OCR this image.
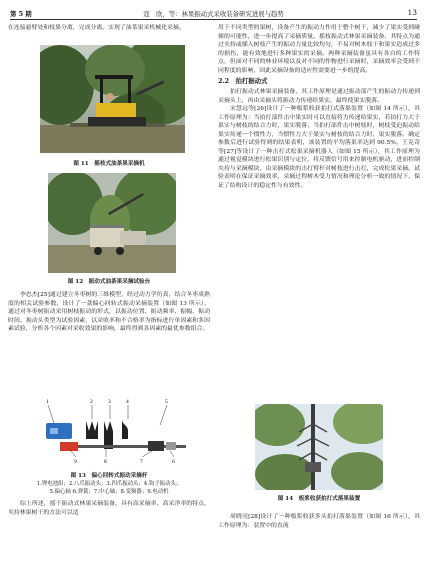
第 5 期	寇　欣，等：林果振动式采收装备研究进展与趋势	13

在连接悬臂处和枝果分离，完成分离，实现了油茶果采机械化采摘。

图 11　摇枝式油茶果采摘机
图 12　振动式油茶果采摘试验台

李忠杰[25]通过建立冬枣树的三维模型，经过动力学仿真，结合冬枣成熟度的相关试验参数，设计了一款偏心回转式振动采摘装置（如图 13 所示），通过对冬枣树振动采用树枝振动的形式，以振动位置、振动频率、振幅、振动时间、振动头类型为试验因素，以采收率和不合格率为指标进行单因素和多因素试验，分析各个因素对采收效果的影响，最终得到各因素的最优参数组合。

1	2	3	4	5
9	8	7	6
图 13　偏心回转式振动采摘杆
1.锂电池组；2.八爪振动头；3.四爪振动头；4.钩子振动头；
5.偏心轴 6.弹簧；7.中心轴；8.变频器；9.电动机

综上所述，摇干振动式林果采摘装备，具有高采摘率、高采净率的特点，夹持林果树干的方法可以适

用于不同类型的果树，设备产生的振动力作用于整个树干，减少了果实受到碰撞的可能性，进一步提高了采摘质量。摇枝振动式林果采摘装备，其特点为通过夹持或插入树枝产生的振动力量比较均匀，不易对树木枝干和果实造成过多的损伤，能有效地进行多种果实的采摘。两种采摘装备虽具有各自的工作特点，但面对不同的林业环境以及对不同的作物进行采摘时，采摘效率会受到不同程度的影响，因此采摘设备的适应性需要进一步的提高。

2.2　拍打振动式

拍打振动式林果采摘装备，其工作原理是通过振动部产生的振动力传递到采摘头上，再由采摘头将振动力传递给果实，最终使果实脱落。

宋慧远等[26]设计了一种板浆收获拍打式落果装置（如图 14 所示），其工作原理为：当拍打部件击中果实时可以直接将力传递给果实，若拍打力大于果实与树枝的结合力时，果实脱落；当拍打部件击中树枝时，树枝受迫振动给果实传递一个惯性力，当惯性力大于果实与树枝的结合力时，果实脱落。确定参数后进行试验得到的结果表明，该装置的平均落果率达到 90.5%。王克奇等[27]等设计了一种击打式松果采摘机器人（如图 15 所示），其工作原理为通过视觉模块进行松果识别与定位，将反馈信号用来控制电机驱动，进而控制夹持与采摘模块，由采摘模块的击打臂杆对树枝进行击打，完成松果采摘。试验表明在保证采摘效率，采摘过程树木受力情况和理论分析一致的情况下，保证了结构设计的稳定性与有效性。

图 14　板浆收获拍打式落果装置

周晓亮[28]设计了一种板浆收获多头拍打落果装置（如图 16 所示），其工作原理为：装置中的直流
